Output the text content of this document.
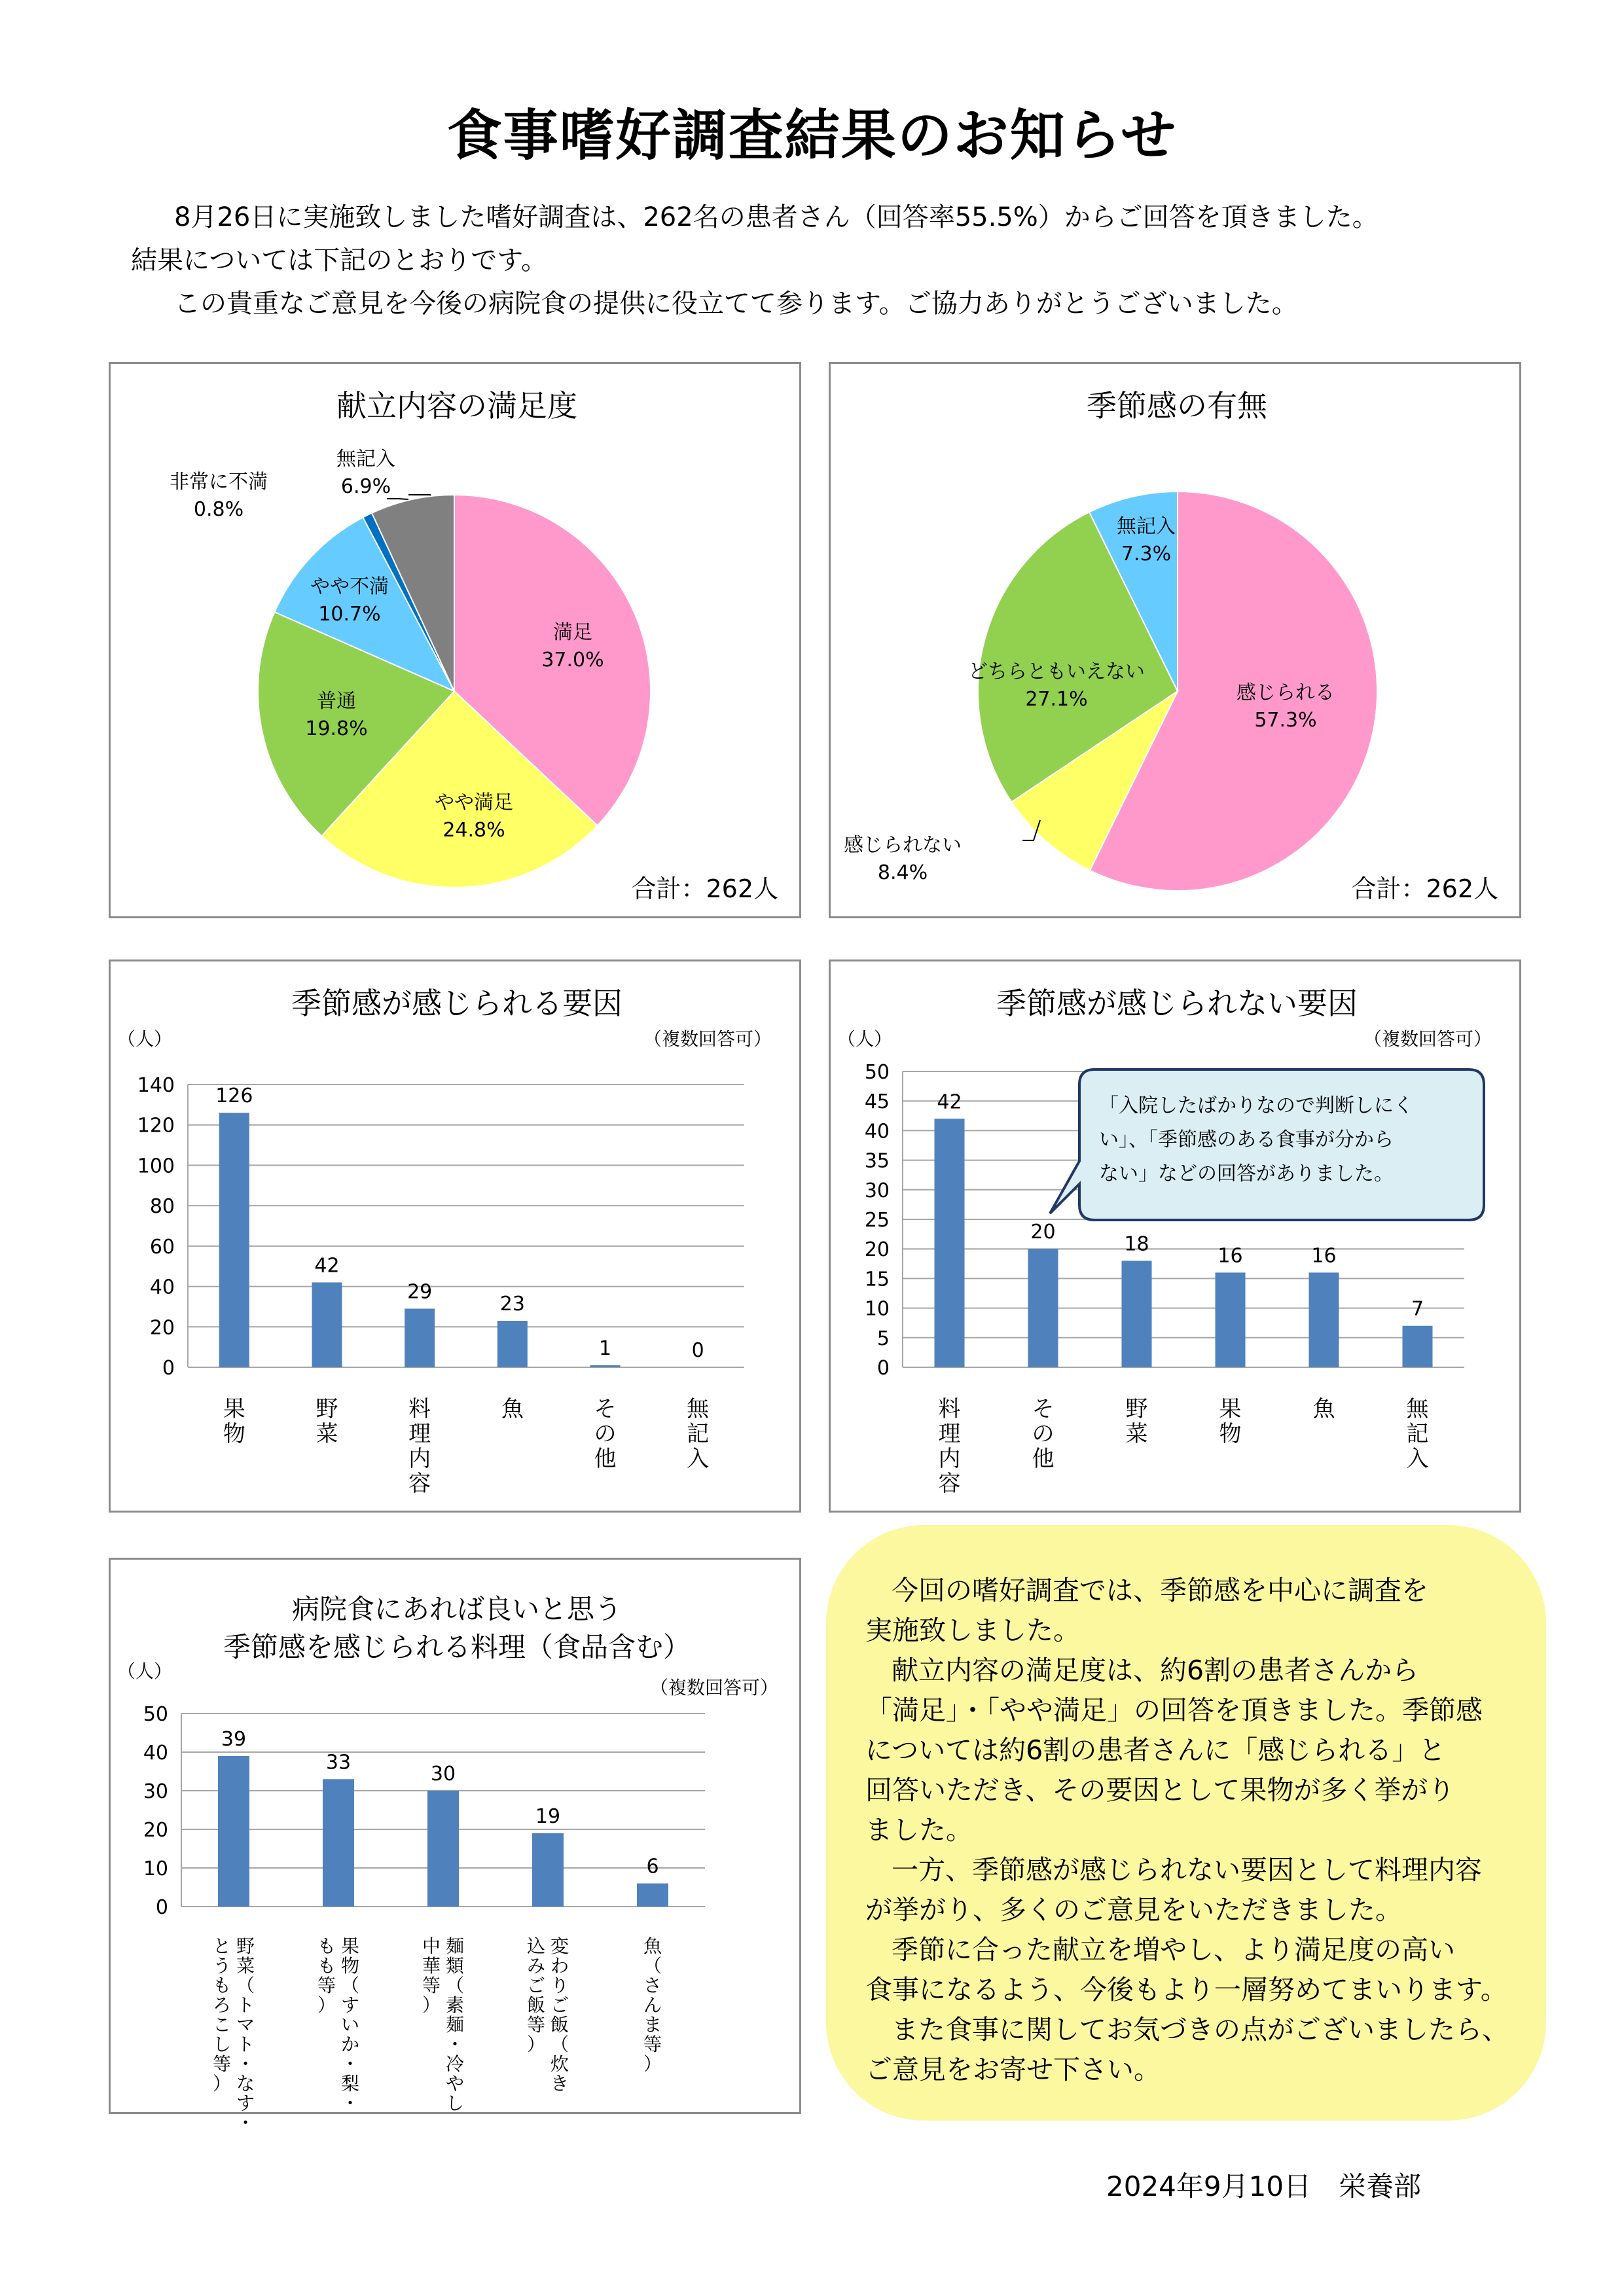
食事嗜好調査結果のお知らせ
8月26日に実施致しました嗜好調査は、262名の患者さん（回答率55.5%）からご回答を頂きました。
結果については下記のとおりです。
この貴重なご意見を今後の病院食の提供に役立てて参ります。ご協力ありがとうございました。
献立内容の満足度
満足
37.0%
やや満足
24.8%
普通
19.8%
やや不満
10.7%
非常に不満
0.8%
無記入
6.9%
合計：262人
季節感の有無
感じられる
57.3%
感じられない
8.4%
どちらともいえない
27.1%
無記入
7.3%
合計：262人
季節感が感じられる要因
（人）	（複数回答可）
0
20
40
60
80
100
120
140 126
果
物
42
野
菜
29
料
理
内
容
23
魚
1
そ
の
他
0
無
記
入
季節感が感じられない要因
（人）	（複数回答可）
0
5
10
15
20
25
30
35
40
45
50
42
料
理
内
容
20
そ
の
他
18
野
菜
16
果
物
16
魚
7
無
記
入
「入院したばかりなので判断しにく
い」、「季節感のある食事が分から
ない」などの回答がありました。
病院食にあれば良いと思う
季節感を感じられる料理（食品含む）
（人）
（複数回答可）
0
10
20
30
40
50
39
野
菜
（
ト
マ
ト
・
な
す
・
と
う
も
ろ
こ
し
等
）
33
果
物
（
す
い
か
・
梨
・
も
も
等
）
30
麺
類
（
素
麺
・
冷
や
し
中
華
等
）
19
変
わ
り
ご
飯
（
炊
き
込
み
ご
飯
等
）
6
魚
（
さ
ん
ま
等
）

今回の嗜好調査では、季節感を中心に調査を

実施致しました。

献立内容の満足度は、約6割の患者さんから

「満足」・「やや満足」の回答を頂きました。季節感

については約6割の患者さんに「感じられる」と

回答いただき、その要因として果物が多く挙がり

ました。

一方、季節感が感じられない要因として料理内容

が挙がり、多くのご意見をいただきました。

季節に合った献立を増やし、より満足度の高い

食事になるよう、今後もより一層努めてまいります。

また食事に関してお気づきの点がございましたら、

ご意見をお寄せ下さい。

2024年9月10日　栄養部
